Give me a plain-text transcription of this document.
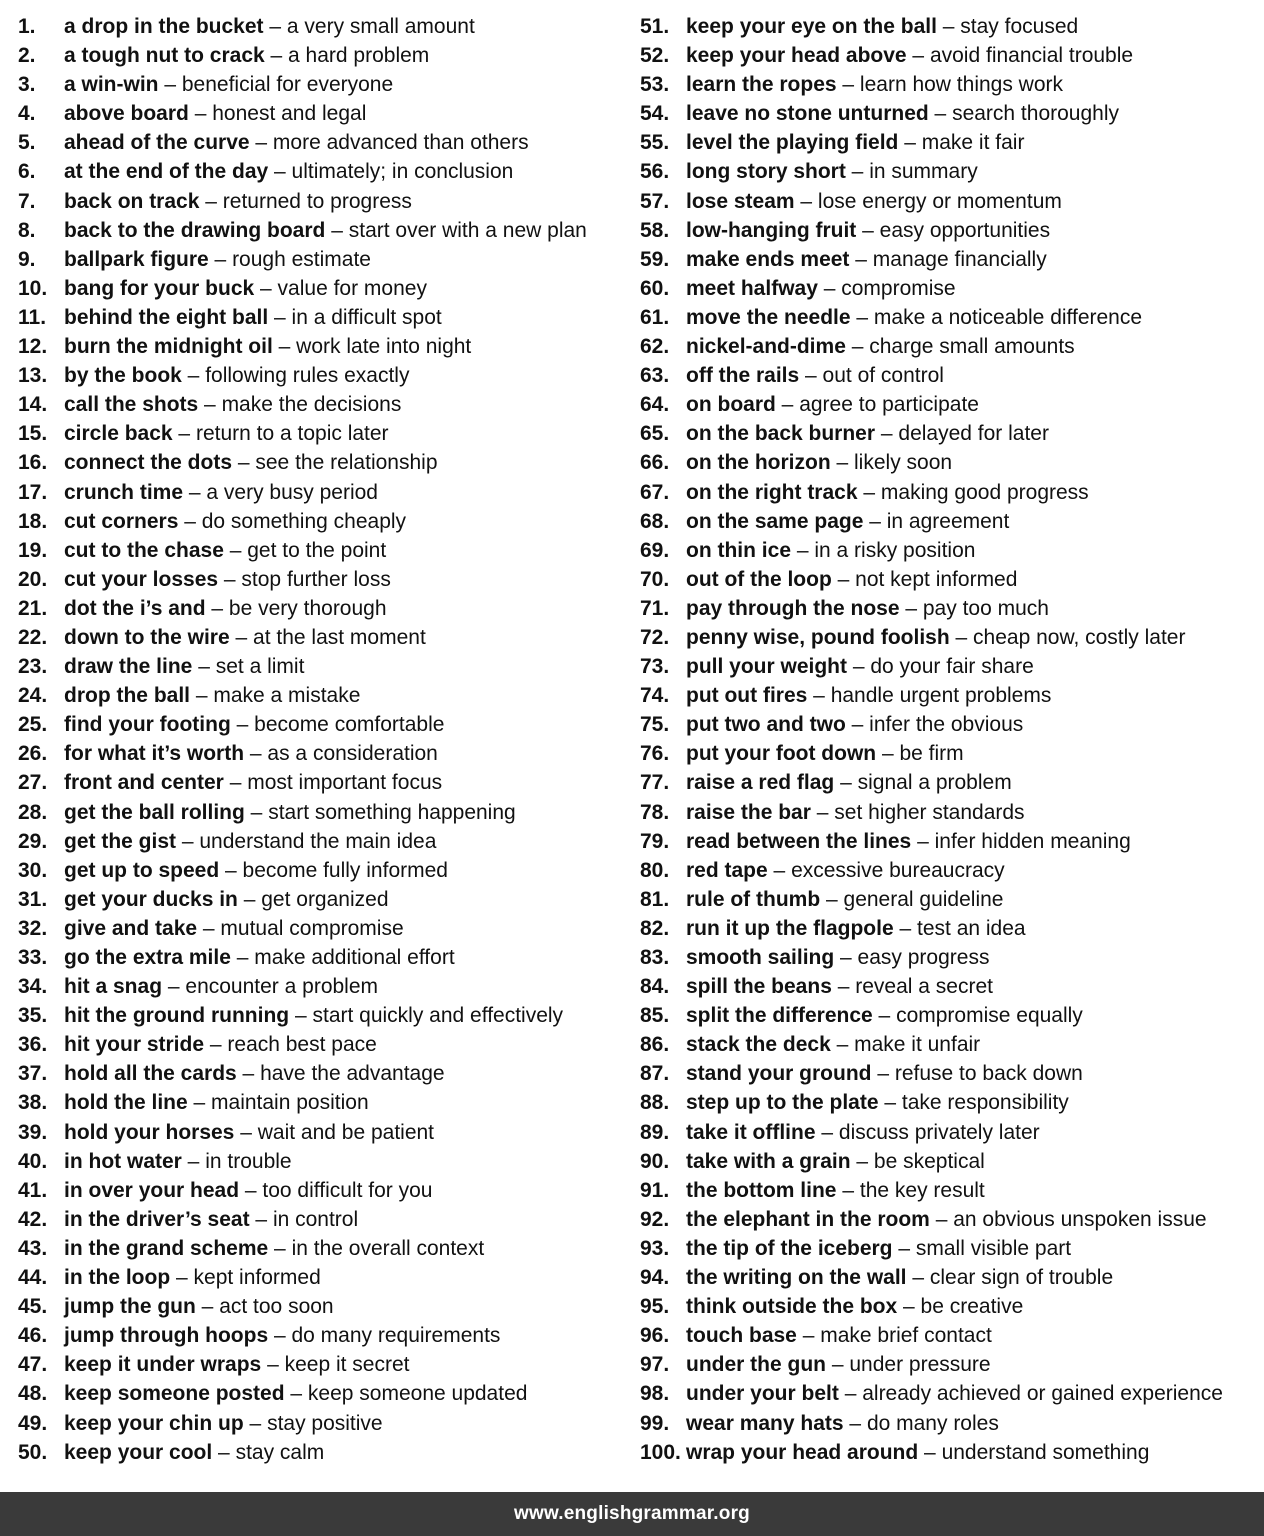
1. a drop in the bucket – a very small amount
2. a tough nut to crack – a hard problem
3. a win-win – beneficial for everyone
4. above board – honest and legal
5. ahead of the curve – more advanced than others
6. at the end of the day – ultimately; in conclusion
7. back on track – returned to progress
8. back to the drawing board – start over with a new plan
9. ballpark figure – rough estimate
10. bang for your buck – value for money
11. behind the eight ball – in a difficult spot
12. burn the midnight oil – work late into night
13. by the book – following rules exactly
14. call the shots – make the decisions
15. circle back – return to a topic later
16. connect the dots – see the relationship
17. crunch time – a very busy period
18. cut corners – do something cheaply
19. cut to the chase – get to the point
20. cut your losses – stop further loss
21. dot the i’s and – be very thorough
22. down to the wire – at the last moment
23. draw the line – set a limit
24. drop the ball – make a mistake
25. find your footing – become comfortable
26. for what it’s worth – as a consideration
27. front and center – most important focus
28. get the ball rolling – start something happening
29. get the gist – understand the main idea
30. get up to speed – become fully informed
31. get your ducks in – get organized
32. give and take – mutual compromise
33. go the extra mile – make additional effort
34. hit a snag – encounter a problem
35. hit the ground running – start quickly and effectively
36. hit your stride – reach best pace
37. hold all the cards – have the advantage
38. hold the line – maintain position
39. hold your horses – wait and be patient
40. in hot water – in trouble
41. in over your head – too difficult for you
42. in the driver’s seat – in control
43. in the grand scheme – in the overall context
44. in the loop – kept informed
45. jump the gun – act too soon
46. jump through hoops – do many requirements
47. keep it under wraps – keep it secret
48. keep someone posted – keep someone updated
49. keep your chin up – stay positive
50. keep your cool – stay calm
51. keep your eye on the ball – stay focused
52. keep your head above – avoid financial trouble
53. learn the ropes – learn how things work
54. leave no stone unturned – search thoroughly
55. level the playing field – make it fair
56. long story short – in summary
57. lose steam – lose energy or momentum
58. low-hanging fruit – easy opportunities
59. make ends meet – manage financially
60. meet halfway – compromise
61. move the needle – make a noticeable difference
62. nickel-and-dime – charge small amounts
63. off the rails – out of control
64. on board – agree to participate
65. on the back burner – delayed for later
66. on the horizon – likely soon
67. on the right track – making good progress
68. on the same page – in agreement
69. on thin ice – in a risky position
70. out of the loop – not kept informed
71. pay through the nose – pay too much
72. penny wise, pound foolish – cheap now, costly later
73. pull your weight – do your fair share
74. put out fires – handle urgent problems
75. put two and two – infer the obvious
76. put your foot down – be firm
77. raise a red flag – signal a problem
78. raise the bar – set higher standards
79. read between the lines – infer hidden meaning
80. red tape – excessive bureaucracy
81. rule of thumb – general guideline
82. run it up the flagpole – test an idea
83. smooth sailing – easy progress
84. spill the beans – reveal a secret
85. split the difference – compromise equally
86. stack the deck – make it unfair
87. stand your ground – refuse to back down
88. step up to the plate – take responsibility
89. take it offline – discuss privately later
90. take with a grain – be skeptical
91. the bottom line – the key result
92. the elephant in the room – an obvious unspoken issue
93. the tip of the iceberg – small visible part
94. the writing on the wall – clear sign of trouble
95. think outside the box – be creative
96. touch base – make brief contact
97. under the gun – under pressure
98. under your belt – already achieved or gained experience
99. wear many hats – do many roles
100. wrap your head around – understand something
www.englishgrammar.org
